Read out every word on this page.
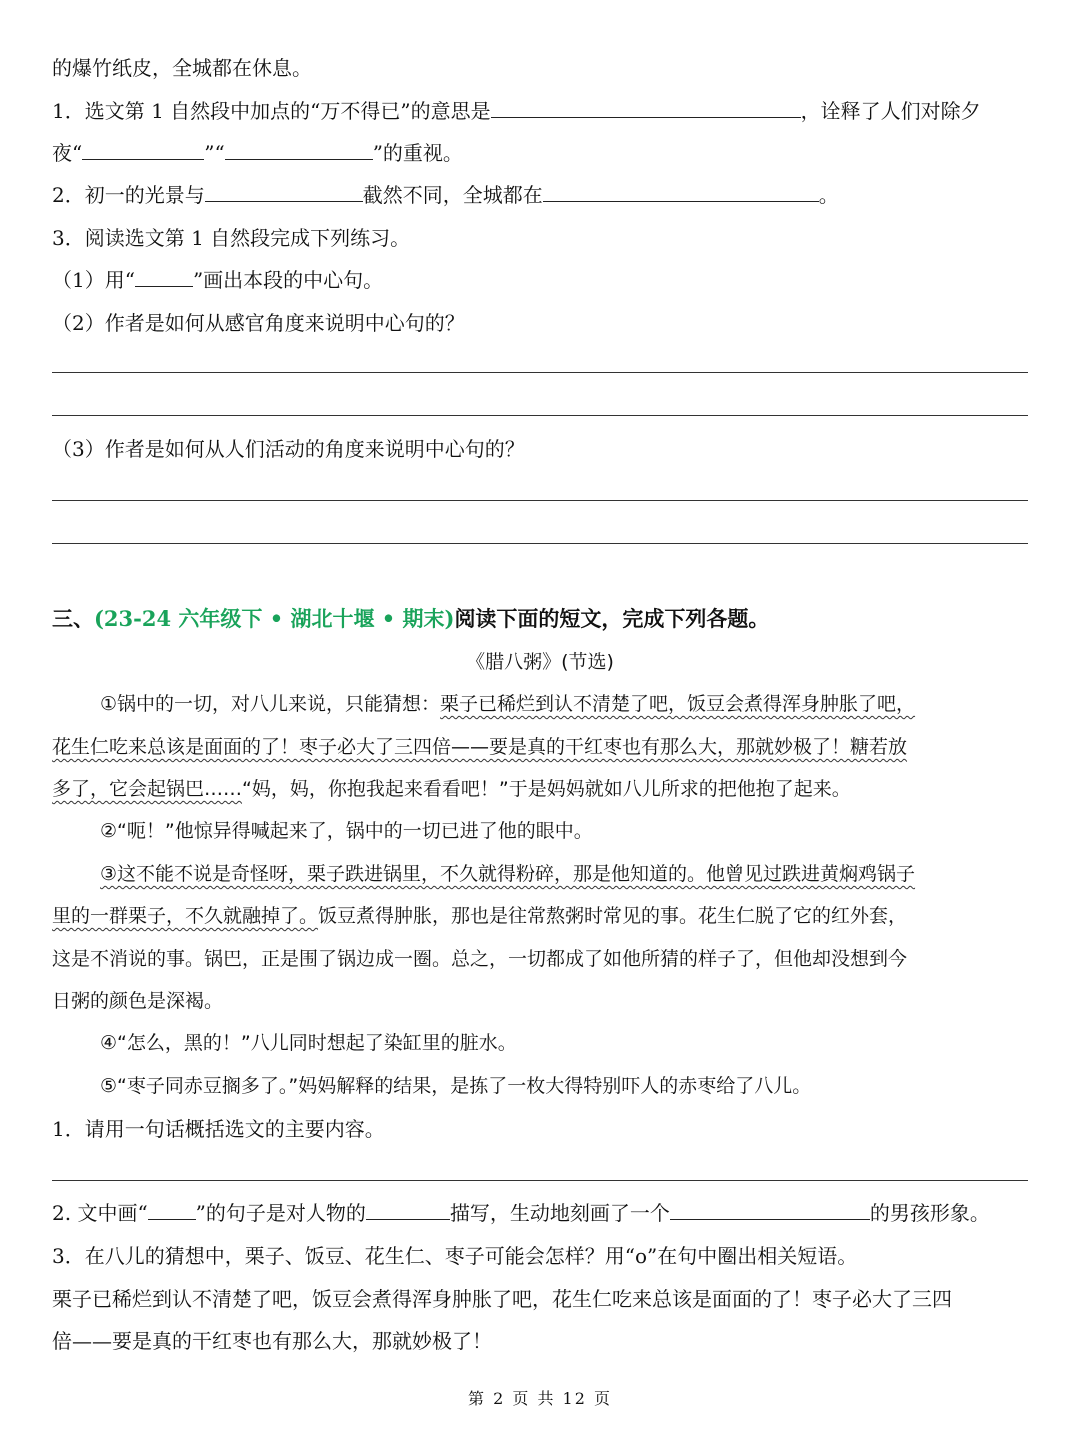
的爆竹纸皮，全城都在休息。
1．选文第 1 自然段中加点的“万不得已”的意思是	，诠释了人们对除夕
夜“	”“	”的重视。
2．初一的光景与	截然不同，全城都在	。
3．阅读选文第 1 自然段完成下列练习。
（1）用“	”画出本段的中心句。
（2）作者是如何从感官角度来说明中心句的？
（3）作者是如何从人们活动的角度来说明中心句的？
三、(23-24 六年级下 • 湖北十堰 • 期末)阅读下面的短文，完成下列各题。
《腊八粥》(节选)
①锅中的一切，对八儿来说，只能猜想：栗子已稀烂到认不清楚了吧，饭豆会煮得浑身肿胀了吧，
花生仁吃来总该是面面的了！枣子必大了三四倍——要是真的干红枣也有那么大，那就妙极了！糖若放
多了，它会起锅巴……“妈，妈，你抱我起来看看吧！”于是妈妈就如八儿所求的把他抱了起来。
②“呃！”他惊异得喊起来了，锅中的一切已进了他的眼中。
③这不能不说是奇怪呀，栗子跌进锅里，不久就得粉碎，那是他知道的。他曾见过跌进黄焖鸡锅子
里的一群栗子，不久就融掉了。饭豆煮得肿胀，那也是往常熬粥时常见的事。花生仁脱了它的红外套，
这是不消说的事。锅巴，正是围了锅边成一圈。总之，一切都成了如他所猜的样子了，但他却没想到今
日粥的颜色是深褐。
④“怎么，黑的！”八儿同时想起了染缸里的脏水。
⑤“枣子同赤豆搁多了。”妈妈解释的结果，是拣了一枚大得特别吓人的赤枣给了八儿。
1．请用一句话概括选文的主要内容。
2. 文中画“ ”的句子是对人物的	描写，生动地刻画了一个	的男孩形象。
3．在八儿的猜想中，栗子、饭豆、花生仁、枣子可能会怎样？用“o”在句中圈出相关短语。
栗子已稀烂到认不清楚了吧，饭豆会煮得浑身肿胀了吧，花生仁吃来总该是面面的了！枣子必大了三四
倍——要是真的干红枣也有那么大，那就妙极了！
第 2 页 共 12 页
